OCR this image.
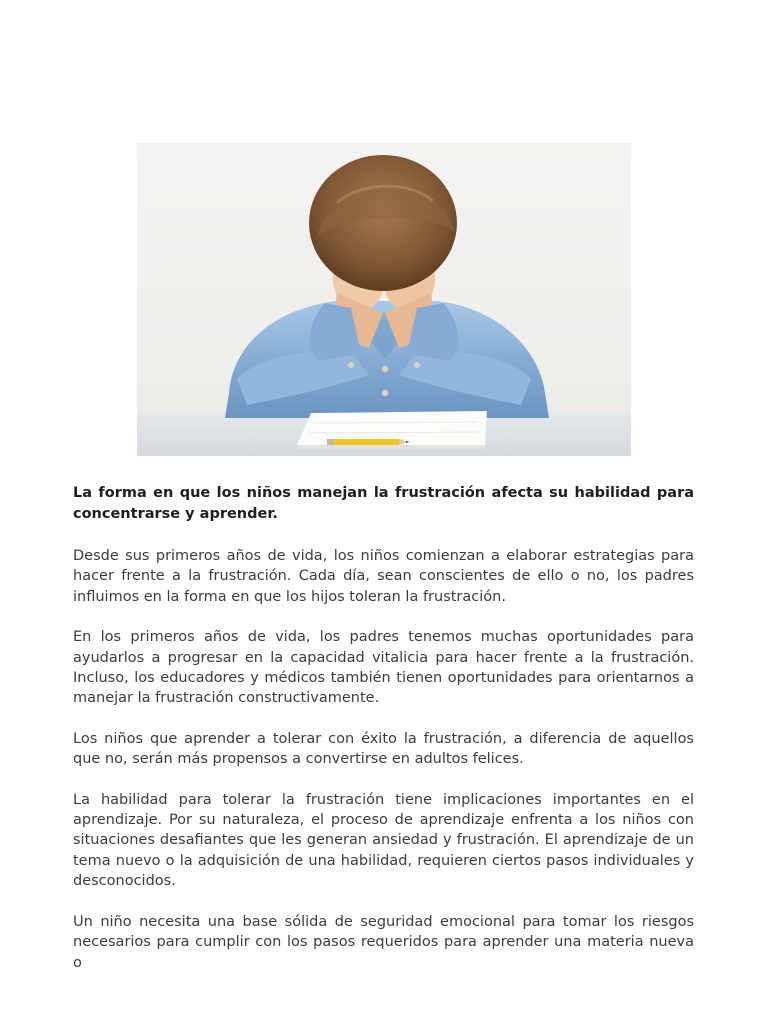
La forma en que los niños manejan la frustración afecta su habilidad para concentrarse y aprender.

Desde sus primeros años de vida, los niños comienzan a elaborar estrategias para hacer frente a la frustración. Cada día, sean conscientes de ello o no, los padres influimos en la forma en que los hijos toleran la frustración.

En los primeros años de vida, los padres tenemos muchas oportunidades para ayudarlos a progresar en la capacidad vitalicia para hacer frente a la frustración. Incluso, los educadores y médicos también tienen oportunidades para orientarnos a manejar la frustración constructivamente.

Los niños que aprender a tolerar con éxito la frustración, a diferencia de aquellos que no, serán más propensos a convertirse en adultos felices.

La habilidad para tolerar la frustración tiene implicaciones importantes en el aprendizaje. Por su naturaleza, el proceso de aprendizaje enfrenta a los niños con situaciones desafiantes que les generan ansiedad y frustración. El aprendizaje de un tema nuevo o la adquisición de una habilidad, requieren ciertos pasos individuales y desconocidos.

Un niño necesita una base sólida de seguridad emocional para tomar los riesgos necesarios para cumplir con los pasos requeridos para aprender una materia nueva o
